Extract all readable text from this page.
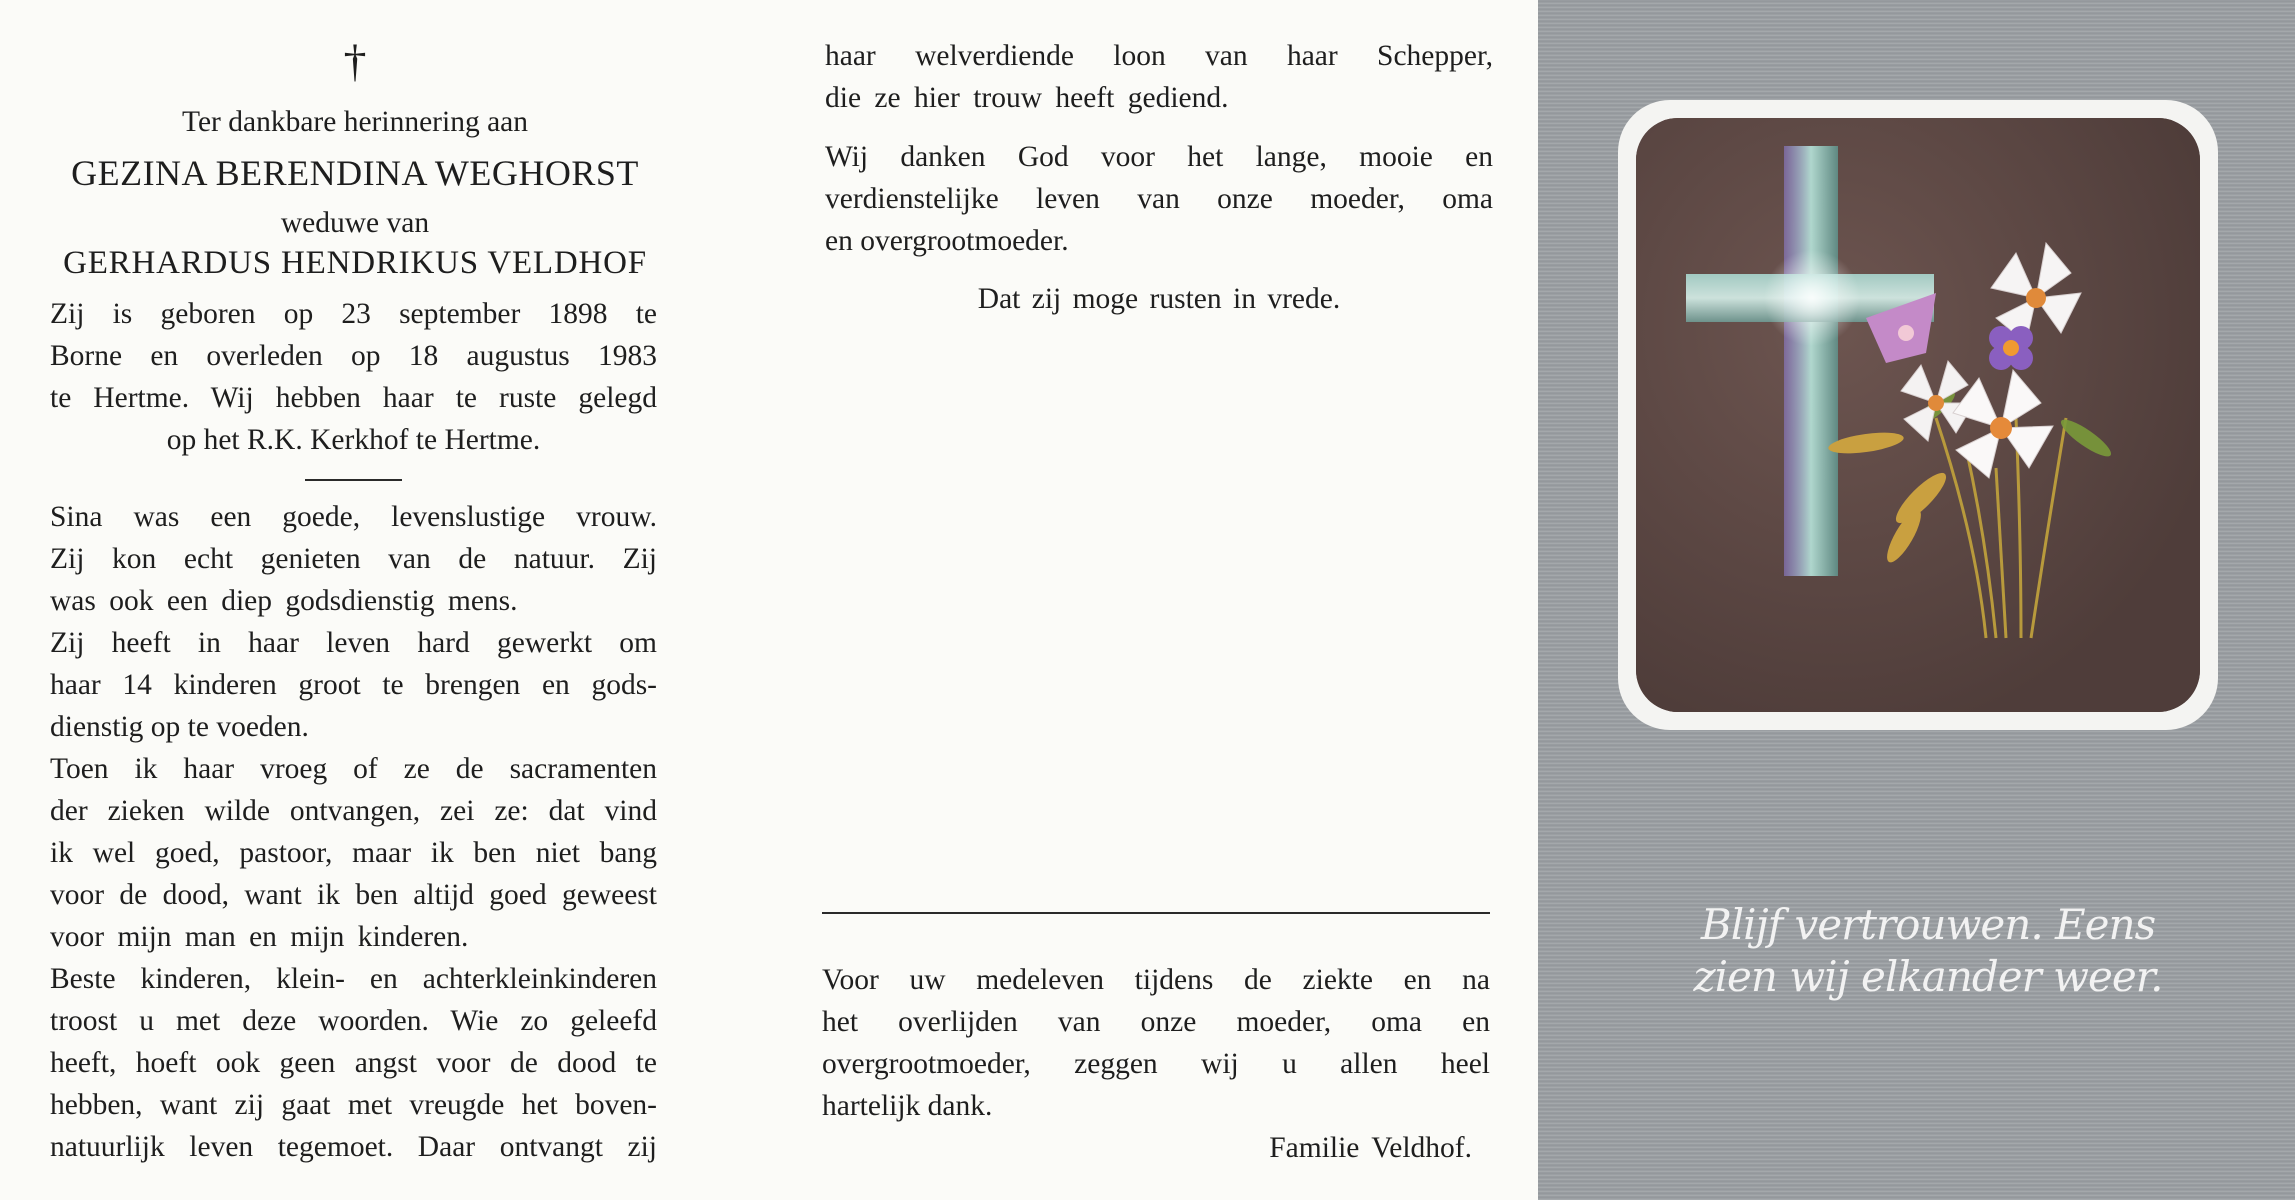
†
Ter dankbare herinnering aan
GEZINA BERENDINA WEGHORST
weduwe van
GERHARDUS HENDRIKUS VELDHOF
Zij is geboren op 23 september 1898 te
Borne en overleden op 18 augustus 1983
te Hertme. Wij hebben haar te ruste gelegd
op het R.K. Kerkhof te Hertme.
Sina was een goede, levenslustige vrouw.
Zij kon echt genieten van de natuur. Zij
was ook een diep godsdienstig mens.
Zij heeft in haar leven hard gewerkt om
haar 14 kinderen groot te brengen en gods-
dienstig op te voeden.
Toen ik haar vroeg of ze de sacramenten
der zieken wilde ontvangen, zei ze: dat vind
ik wel goed, pastoor, maar ik ben niet bang
voor de dood, want ik ben altijd goed geweest
voor mijn man en mijn kinderen.
Beste kinderen, klein- en achterkleinkinderen
troost u met deze woorden. Wie zo geleefd
heeft, hoeft ook geen angst voor de dood te
hebben, want zij gaat met vreugde het boven-
natuurlijk leven tegemoet. Daar ontvangt zij
haar welverdiende loon van haar Schepper,
die ze hier trouw heeft gediend.
Wij danken God voor het lange, mooie en
verdienstelijke leven van onze moeder, oma
en overgrootmoeder.
Dat zij moge rusten in vrede.
Voor uw medeleven tijdens de ziekte en na
het overlijden van onze moeder, oma en
overgrootmoeder, zeggen wij u allen heel
hartelijk dank.
Familie Veldhof.
Blijf vertrouwen. Eens
zien wij elkander weer.
